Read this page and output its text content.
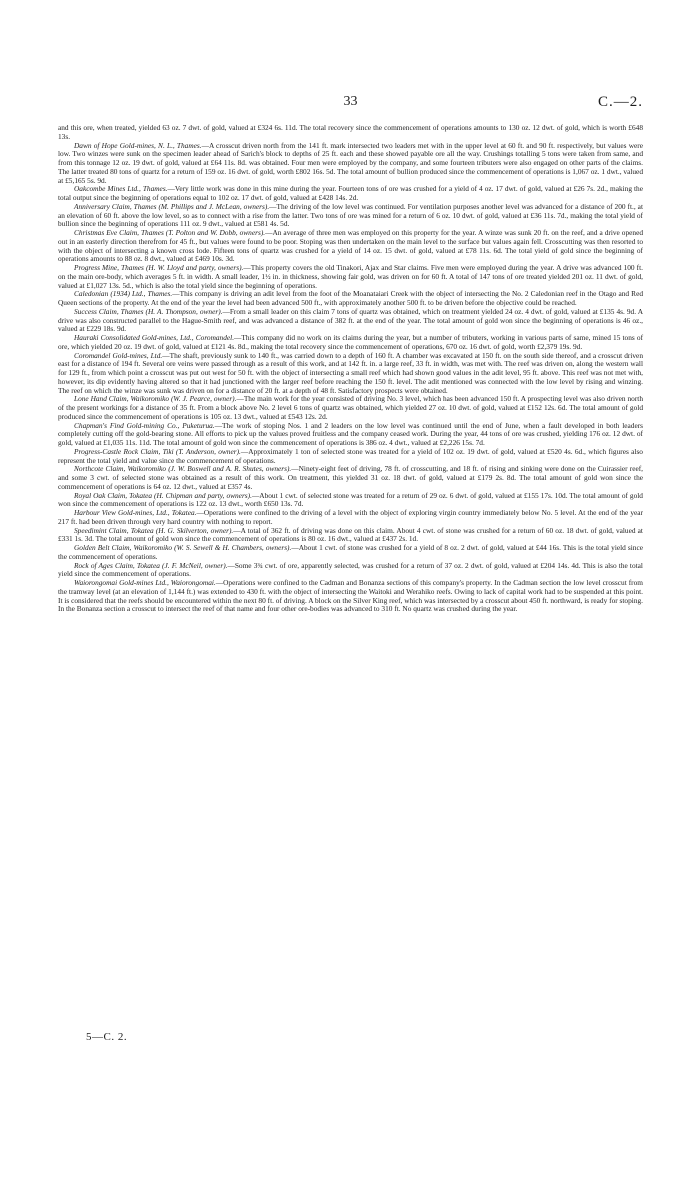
33	C.—2.

and this ore, when treated, yielded 63 oz. 7 dwt. of gold, valued at £324 6s. 11d. The total recovery since the commencement of operations amounts to 130 oz. 12 dwt. of gold, which is worth £648 13s.

Dawn of Hope Gold-mines, N. L., Thames.—A crosscut driven north from the 141 ft. mark intersected two leaders met with in the upper level at 60 ft. and 90 ft. respectively, but values were low. Two winzes were sunk on the specimen leader ahead of Sarich's block to depths of 25 ft. each and these showed payable ore all the way. Crushings totalling 5 tons were taken from same, and from this tonnage 12 oz. 19 dwt. of gold, valued at £64 11s. 8d. was obtained. Four men were employed by the company, and some fourteen tributers were also engaged on other parts of the claims. The latter treated 80 tons of quartz for a return of 159 oz. 16 dwt. of gold, worth £802 16s. 5d. The total amount of bullion produced since the commencement of operations is 1,067 oz. 1 dwt., valued at £5,165 5s. 9d.

Oakcombe Mines Ltd., Thames.—Very little work was done in this mine during the year. Fourteen tons of ore was crushed for a yield of 4 oz. 17 dwt. of gold, valued at £26 7s. 2d., making the total output since the beginning of operations equal to 102 oz. 17 dwt. of gold, valued at £428 14s. 2d.

Anniversary Claim, Thames (M. Phillips and J. McLean, owners).—The driving of the low level was continued. For ventilation purposes another level was advanced for a distance of 200 ft., at an elevation of 60 ft. above the low level, so as to connect with a rise from the latter. Two tons of ore was mined for a return of 6 oz. 10 dwt. of gold, valued at £36 11s. 7d., making the total yield of bullion since the beginning of operations 111 oz. 9 dwt., valued at £581 4s. 5d.

Christmas Eve Claim, Thames (T. Polton and W. Dobb, owners).—An average of three men was employed on this property for the year. A winze was sunk 20 ft. on the reef, and a drive opened out in an easterly direction therefrom for 45 ft., but values were found to be poor. Stoping was then undertaken on the main level to the surface but values again fell. Crosscutting was then resorted to with the object of intersecting a known cross lode. Fifteen tons of quartz was crushed for a yield of 14 oz. 15 dwt. of gold, valued at £78 11s. 6d. The total yield of gold since the beginning of operations amounts to 88 oz. 8 dwt., valued at £469 10s. 3d.

Progress Mine, Thames (H. W. Lloyd and party, owners).—This property covers the old Tinakori, Ajax and Star claims. Five men were employed during the year. A drive was advanced 100 ft. on the main ore-body, which averages 5 ft. in width. A small leader, 1½ in. in thickness, showing fair gold, was driven on for 60 ft. A total of 147 tons of ore treated yielded 201 oz. 11 dwt. of gold, valued at £1,027 13s. 5d., which is also the total yield since the beginning of operations.

Caledonian (1934) Ltd., Thames.—This company is driving an adit level from the foot of the Moanataiari Creek with the object of intersecting the No. 2 Caledonian reef in the Otago and Red Queen sections of the property. At the end of the year the level had been advanced 500 ft., with approximately another 500 ft. to be driven before the objective could be reached.

Success Claim, Thames (H. A. Thompson, owner).—From a small leader on this claim 7 tons of quartz was obtained, which on treatment yielded 24 oz. 4 dwt. of gold, valued at £135 4s. 9d. A drive was also constructed parallel to the Hague-Smith reef, and was advanced a distance of 382 ft. at the end of the year. The total amount of gold won since the beginning of operations is 46 oz., valued at £229 18s. 9d.

Hauraki Consolidated Gold-mines, Ltd., Coromandel.—This company did no work on its claims during the year, but a number of tributers, working in various parts of same, mined 15 tons of ore, which yielded 20 oz. 19 dwt. of gold, valued at £121 4s. 8d., making the total recovery since the commencement of operations, 670 oz. 16 dwt. of gold, worth £2,379 19s. 9d.

Coromandel Gold-mines, Ltd.—The shaft, previously sunk to 140 ft., was carried down to a depth of 160 ft. A chamber was excavated at 150 ft. on the south side thereof, and a crosscut driven east for a distance of 194 ft. Several ore veins were passed through as a result of this work, and at 142 ft. in. a large reef, 33 ft. in width, was met with. The reef was driven on, along the western wall for 129 ft., from which point a crosscut was put out west for 50 ft. with the object of intersecting a small reef which had shown good values in the adit level, 95 ft. above. This reef was not met with, however, its dip evidently having altered so that it had junctioned with the larger reef before reaching the 150 ft. level. The adit mentioned was connected with the low level by rising and winzing. The reef on which the winze was sunk was driven on for a distance of 20 ft. at a depth of 48 ft. Satisfactory prospects were obtained.

Lone Hand Claim, Waikoromiko (W. J. Pearce, owner).—The main work for the year consisted of driving No. 3 level, which has been advanced 150 ft. A prospecting level was also driven north of the present workings for a distance of 35 ft. From a block above No. 2 level 6 tons of quartz was obtained, which yielded 27 oz. 10 dwt. of gold, valued at £152 12s. 6d. The total amount of gold produced since the commencement of operations is 105 oz. 13 dwt., valued at £543 12s. 2d.

Chapman's Find Gold-mining Co., Puketurua.—The work of stoping Nos. 1 and 2 leaders on the low level was continued until the end of June, when a fault developed in both leaders completely cutting off the gold-bearing stone. All efforts to pick up the values proved fruitless and the company ceased work. During the year, 44 tons of ore was crushed, yielding 176 oz. 12 dwt. of gold, valued at £1,035 11s. 11d. The total amount of gold won since the commencement of operations is 386 oz. 4 dwt., valued at £2,226 15s. 7d.

Progress-Castle Rock Claim, Tiki (T. Anderson, owner).—Approximately 1 ton of selected stone was treated for a yield of 102 oz. 19 dwt. of gold, valued at £520 4s. 6d., which figures also represent the total yield and value since the commencement of operations.

Northcote Claim, Waikoromiko (J. W. Boswell and A. R. Shutes, owners).—Ninety-eight feet of driving, 78 ft. of crosscutting, and 18 ft. of rising and sinking were done on the Cuirassier reef, and some 3 cwt. of selected stone was obtained as a result of this work. On treatment, this yielded 31 oz. 18 dwt. of gold, valued at £179 2s. 8d. The total amount of gold won since the commencement of operations is 64 oz. 12 dwt., valued at £357 4s.

Royal Oak Claim, Tokatea (H. Chipman and party, owners).—About 1 cwt. of selected stone was treated for a return of 29 oz. 6 dwt. of gold, valued at £155 17s. 10d. The total amount of gold won since the commencement of operations is 122 oz. 13 dwt., worth £650 13s. 7d.

Harbour View Gold-mines, Ltd., Tokatea.—Operations were confined to the driving of a level with the object of exploring virgin country immediately below No. 5 level. At the end of the year 217 ft. had been driven through very hard country with nothing to report.

Speedimint Claim, Tokatea (H. G. Skilverton, owner).—A total of 362 ft. of driving was done on this claim. About 4 cwt. of stone was crushed for a return of 60 oz. 18 dwt. of gold, valued at £331 1s. 3d. The total amount of gold won since the commencement of operations is 80 oz. 16 dwt., valued at £437 2s. 1d.

Golden Belt Claim, Waikoromiko (W. S. Sewell & H. Chambers, owners).—About 1 cwt. of stone was crushed for a yield of 8 oz. 2 dwt. of gold, valued at £44 16s. This is the total yield since the commencement of operations.

Rock of Ages Claim, Tokatea (J. F. McNeil, owner).—Some 3¾ cwt. of ore, apparently selected, was crushed for a return of 37 oz. 2 dwt. of gold, valued at £204 14s. 4d. This is also the total yield since the commencement of operations.

Waiorongomai Gold-mines Ltd., Waiorongomai.—Operations were confined to the Cadman and Bonanza sections of this company's property. In the Cadman section the low level crosscut from the tramway level (at an elevation of 1,144 ft.) was extended to 430 ft. with the object of intersecting the Waitoki and Werahiko reefs. Owing to lack of capital work had to be suspended at this point. It is considered that the reefs should be encountered within the next 80 ft. of driving. A block on the Silver King reef, which was intersected by a crosscut about 450 ft. northward, is ready for stoping. In the Bonanza section a crosscut to intersect the reef of that name and four other ore-bodies was advanced to 310 ft. No quartz was crushed during the year.

5—C. 2.
